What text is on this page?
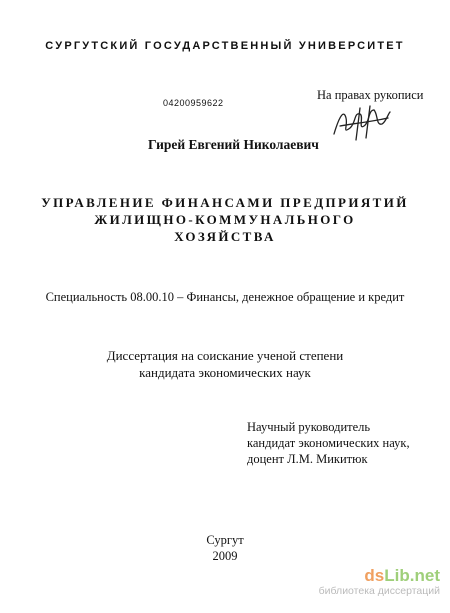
СУРГУТСКИЙ ГОСУДАРСТВЕННЫЙ УНИВЕРСИТЕТ
На правах рукописи
04200959622
Гирей Евгений Николаевич
УПРАВЛЕНИЕ ФИНАНСАМИ ПРЕДПРИЯТИЙ
ЖИЛИЩНО-КОММУНАЛЬНОГО
ХОЗЯЙСТВА
Специальность 08.00.10 – Финансы, денежное обращение и кредит
Диссертация на соискание ученой степени
кандидата экономических наук
Научный руководитель
кандидат экономических наук,
доцент Л.М. Микитюк
Сургут
2009
dsLib.net
библиотека диссертаций
